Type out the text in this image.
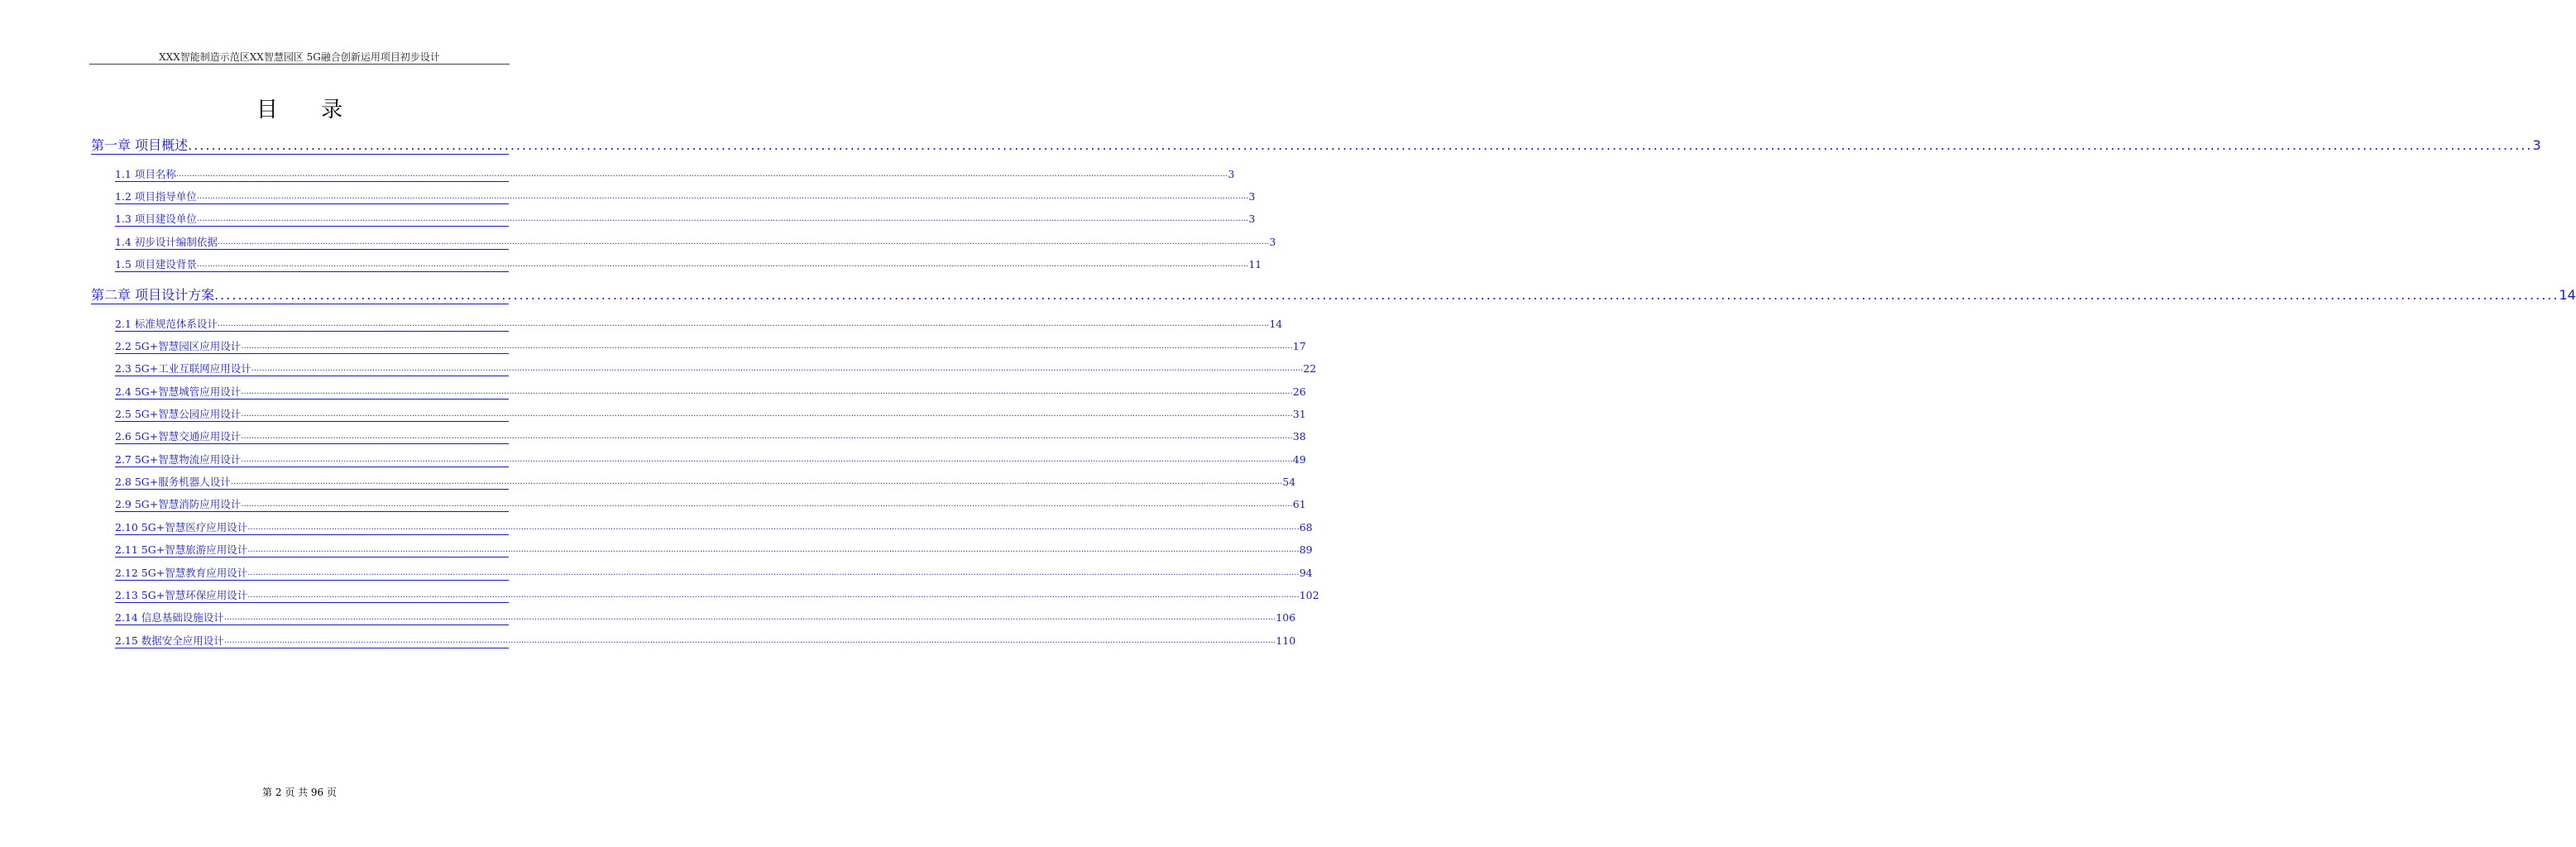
XXX智能制造示范区XX智慧园区 5G融合创新运用项目初步设计
目 录
第一章 项目概述 ................................................................................................................................................................................................................................................................................................................................................................................................................ 3
1.1 项目名称 ................................................................................................................................................................................................................................................................................................................................................................................................................ 3
1.2 项目指导单位 ................................................................................................................................................................................................................................................................................................................................................................................................................ 3
1.3 项目建设单位 ................................................................................................................................................................................................................................................................................................................................................................................................................ 3
1.4 初步设计编制依据 ................................................................................................................................................................................................................................................................................................................................................................................................................ 3
1.5 项目建设背景 ................................................................................................................................................................................................................................................................................................................................................................................................................ 11
第二章 项目设计方案 ................................................................................................................................................................................................................................................................................................................................................................................................................ 14
2.1 标准规范体系设计 ................................................................................................................................................................................................................................................................................................................................................................................................................ 14
2.2 5G+智慧园区应用设计 ................................................................................................................................................................................................................................................................................................................................................................................................................ 17
2.3 5G+工业互联网应用设计 ................................................................................................................................................................................................................................................................................................................................................................................................................ 22
2.4 5G+智慧城管应用设计 ................................................................................................................................................................................................................................................................................................................................................................................................................ 26
2.5 5G+智慧公园应用设计 ................................................................................................................................................................................................................................................................................................................................................................................................................ 31
2.6 5G+智慧交通应用设计 ................................................................................................................................................................................................................................................................................................................................................................................................................ 38
2.7 5G+智慧物流应用设计 ................................................................................................................................................................................................................................................................................................................................................................................................................ 49
2.8 5G+服务机器人设计 ................................................................................................................................................................................................................................................................................................................................................................................................................ 54
2.9 5G+智慧消防应用设计 ................................................................................................................................................................................................................................................................................................................................................................................................................ 61
2.10 5G+智慧医疗应用设计 ................................................................................................................................................................................................................................................................................................................................................................................................................ 68
2.11 5G+智慧旅游应用设计 ................................................................................................................................................................................................................................................................................................................................................................................................................ 89
2.12 5G+智慧教育应用设计 ................................................................................................................................................................................................................................................................................................................................................................................................................ 94
2.13 5G+智慧环保应用设计 ................................................................................................................................................................................................................................................................................................................................................................................................................ 102
2.14 信息基础设施设计 ................................................................................................................................................................................................................................................................................................................................................................................................................ 106
2.15 数据安全应用设计 ................................................................................................................................................................................................................................................................................................................................................................................................................ 110
第 2 页 共 96 页
